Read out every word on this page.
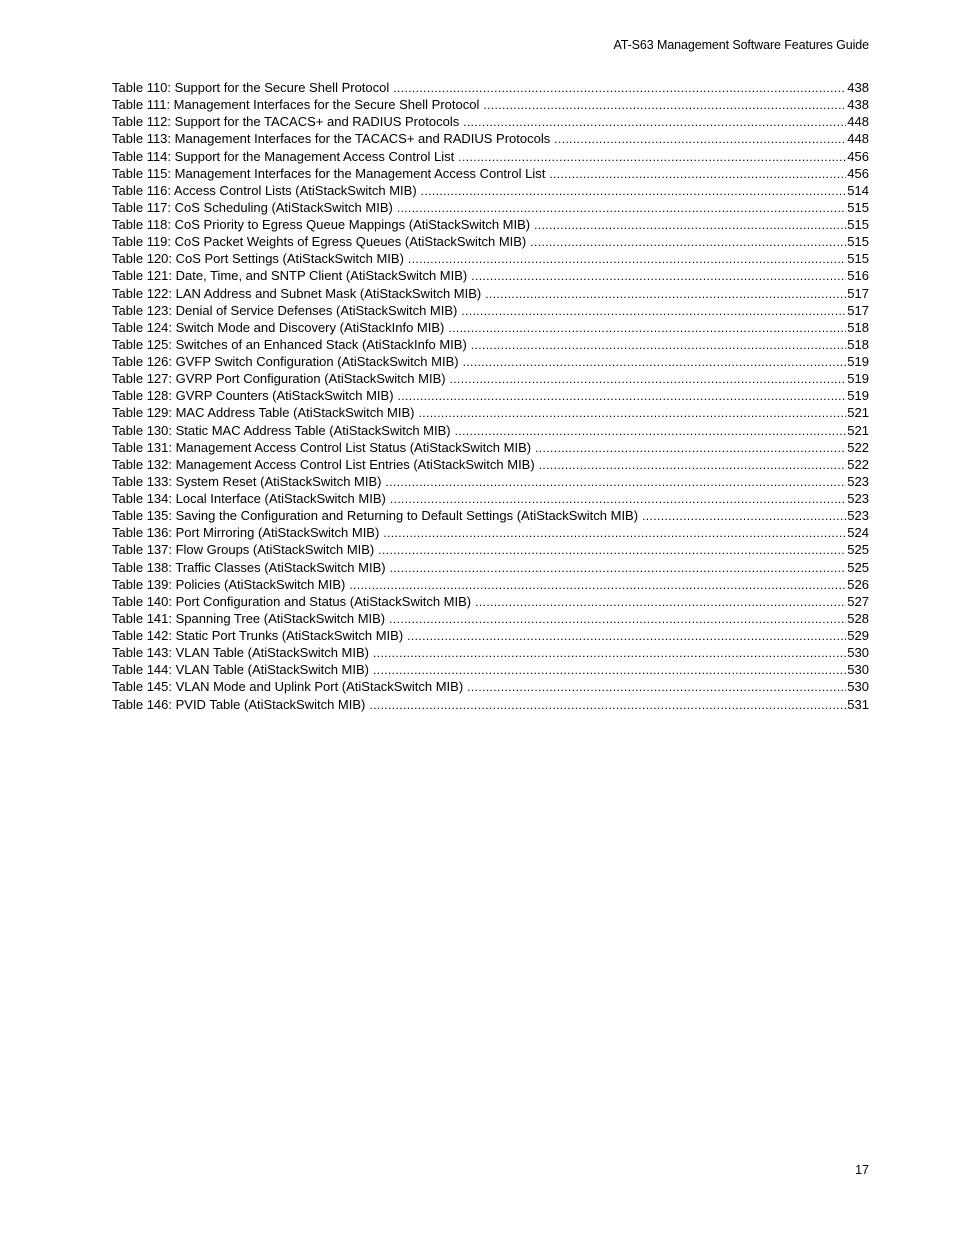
AT-S63 Management Software Features Guide
Table 110: Support for the Secure Shell Protocol .....	438
Table 111: Management Interfaces for the Secure Shell Protocol .....	438
Table 112: Support for the TACACS+ and RADIUS Protocols .....	448
Table 113: Management Interfaces for the TACACS+ and RADIUS Protocols .....	448
Table 114: Support for the Management Access Control List .....	456
Table 115: Management Interfaces for the Management Access Control List .....	456
Table 116: Access Control Lists (AtiStackSwitch MIB) .....	514
Table 117: CoS Scheduling (AtiStackSwitch MIB) .....	515
Table 118: CoS Priority to Egress Queue Mappings (AtiStackSwitch MIB) .....	515
Table 119: CoS Packet Weights of Egress Queues (AtiStackSwitch MIB) .....	515
Table 120: CoS Port Settings (AtiStackSwitch MIB) .....	515
Table 121: Date, Time, and SNTP Client (AtiStackSwitch MIB) .....	516
Table 122: LAN Address and Subnet Mask (AtiStackSwitch MIB) .....	517
Table 123: Denial of Service Defenses (AtiStackSwitch MIB) .....	517
Table 124: Switch Mode and Discovery (AtiStackInfo MIB) .....	518
Table 125: Switches of an Enhanced Stack (AtiStackInfo MIB) .....	518
Table 126: GVFP Switch Configuration (AtiStackSwitch MIB) .....	519
Table 127: GVRP Port Configuration (AtiStackSwitch MIB) .....	519
Table 128: GVRP Counters (AtiStackSwitch MIB) .....	519
Table 129: MAC Address Table (AtiStackSwitch MIB) .....	521
Table 130: Static MAC Address Table (AtiStackSwitch MIB) .....	521
Table 131: Management Access Control List Status (AtiStackSwitch MIB) .....	522
Table 132: Management Access Control List Entries (AtiStackSwitch MIB) .....	522
Table 133: System Reset (AtiStackSwitch MIB) .....	523
Table 134: Local Interface (AtiStackSwitch MIB) .....	523
Table 135: Saving the Configuration and Returning to Default Settings (AtiStackSwitch MIB) .....	523
Table 136: Port Mirroring (AtiStackSwitch MIB) .....	524
Table 137: Flow Groups (AtiStackSwitch MIB) .....	525
Table 138: Traffic Classes (AtiStackSwitch MIB) .....	525
Table 139: Policies (AtiStackSwitch MIB) .....	526
Table 140: Port Configuration and Status (AtiStackSwitch MIB) .....	527
Table 141: Spanning Tree (AtiStackSwitch MIB) .....	528
Table 142: Static Port Trunks (AtiStackSwitch MIB) .....	529
Table 143: VLAN Table (AtiStackSwitch MIB) .....	530
Table 144: VLAN Table (AtiStackSwitch MIB) .....	530
Table 145: VLAN Mode and Uplink Port (AtiStackSwitch MIB) .....	530
Table 146: PVID Table (AtiStackSwitch MIB) .....	531
17
